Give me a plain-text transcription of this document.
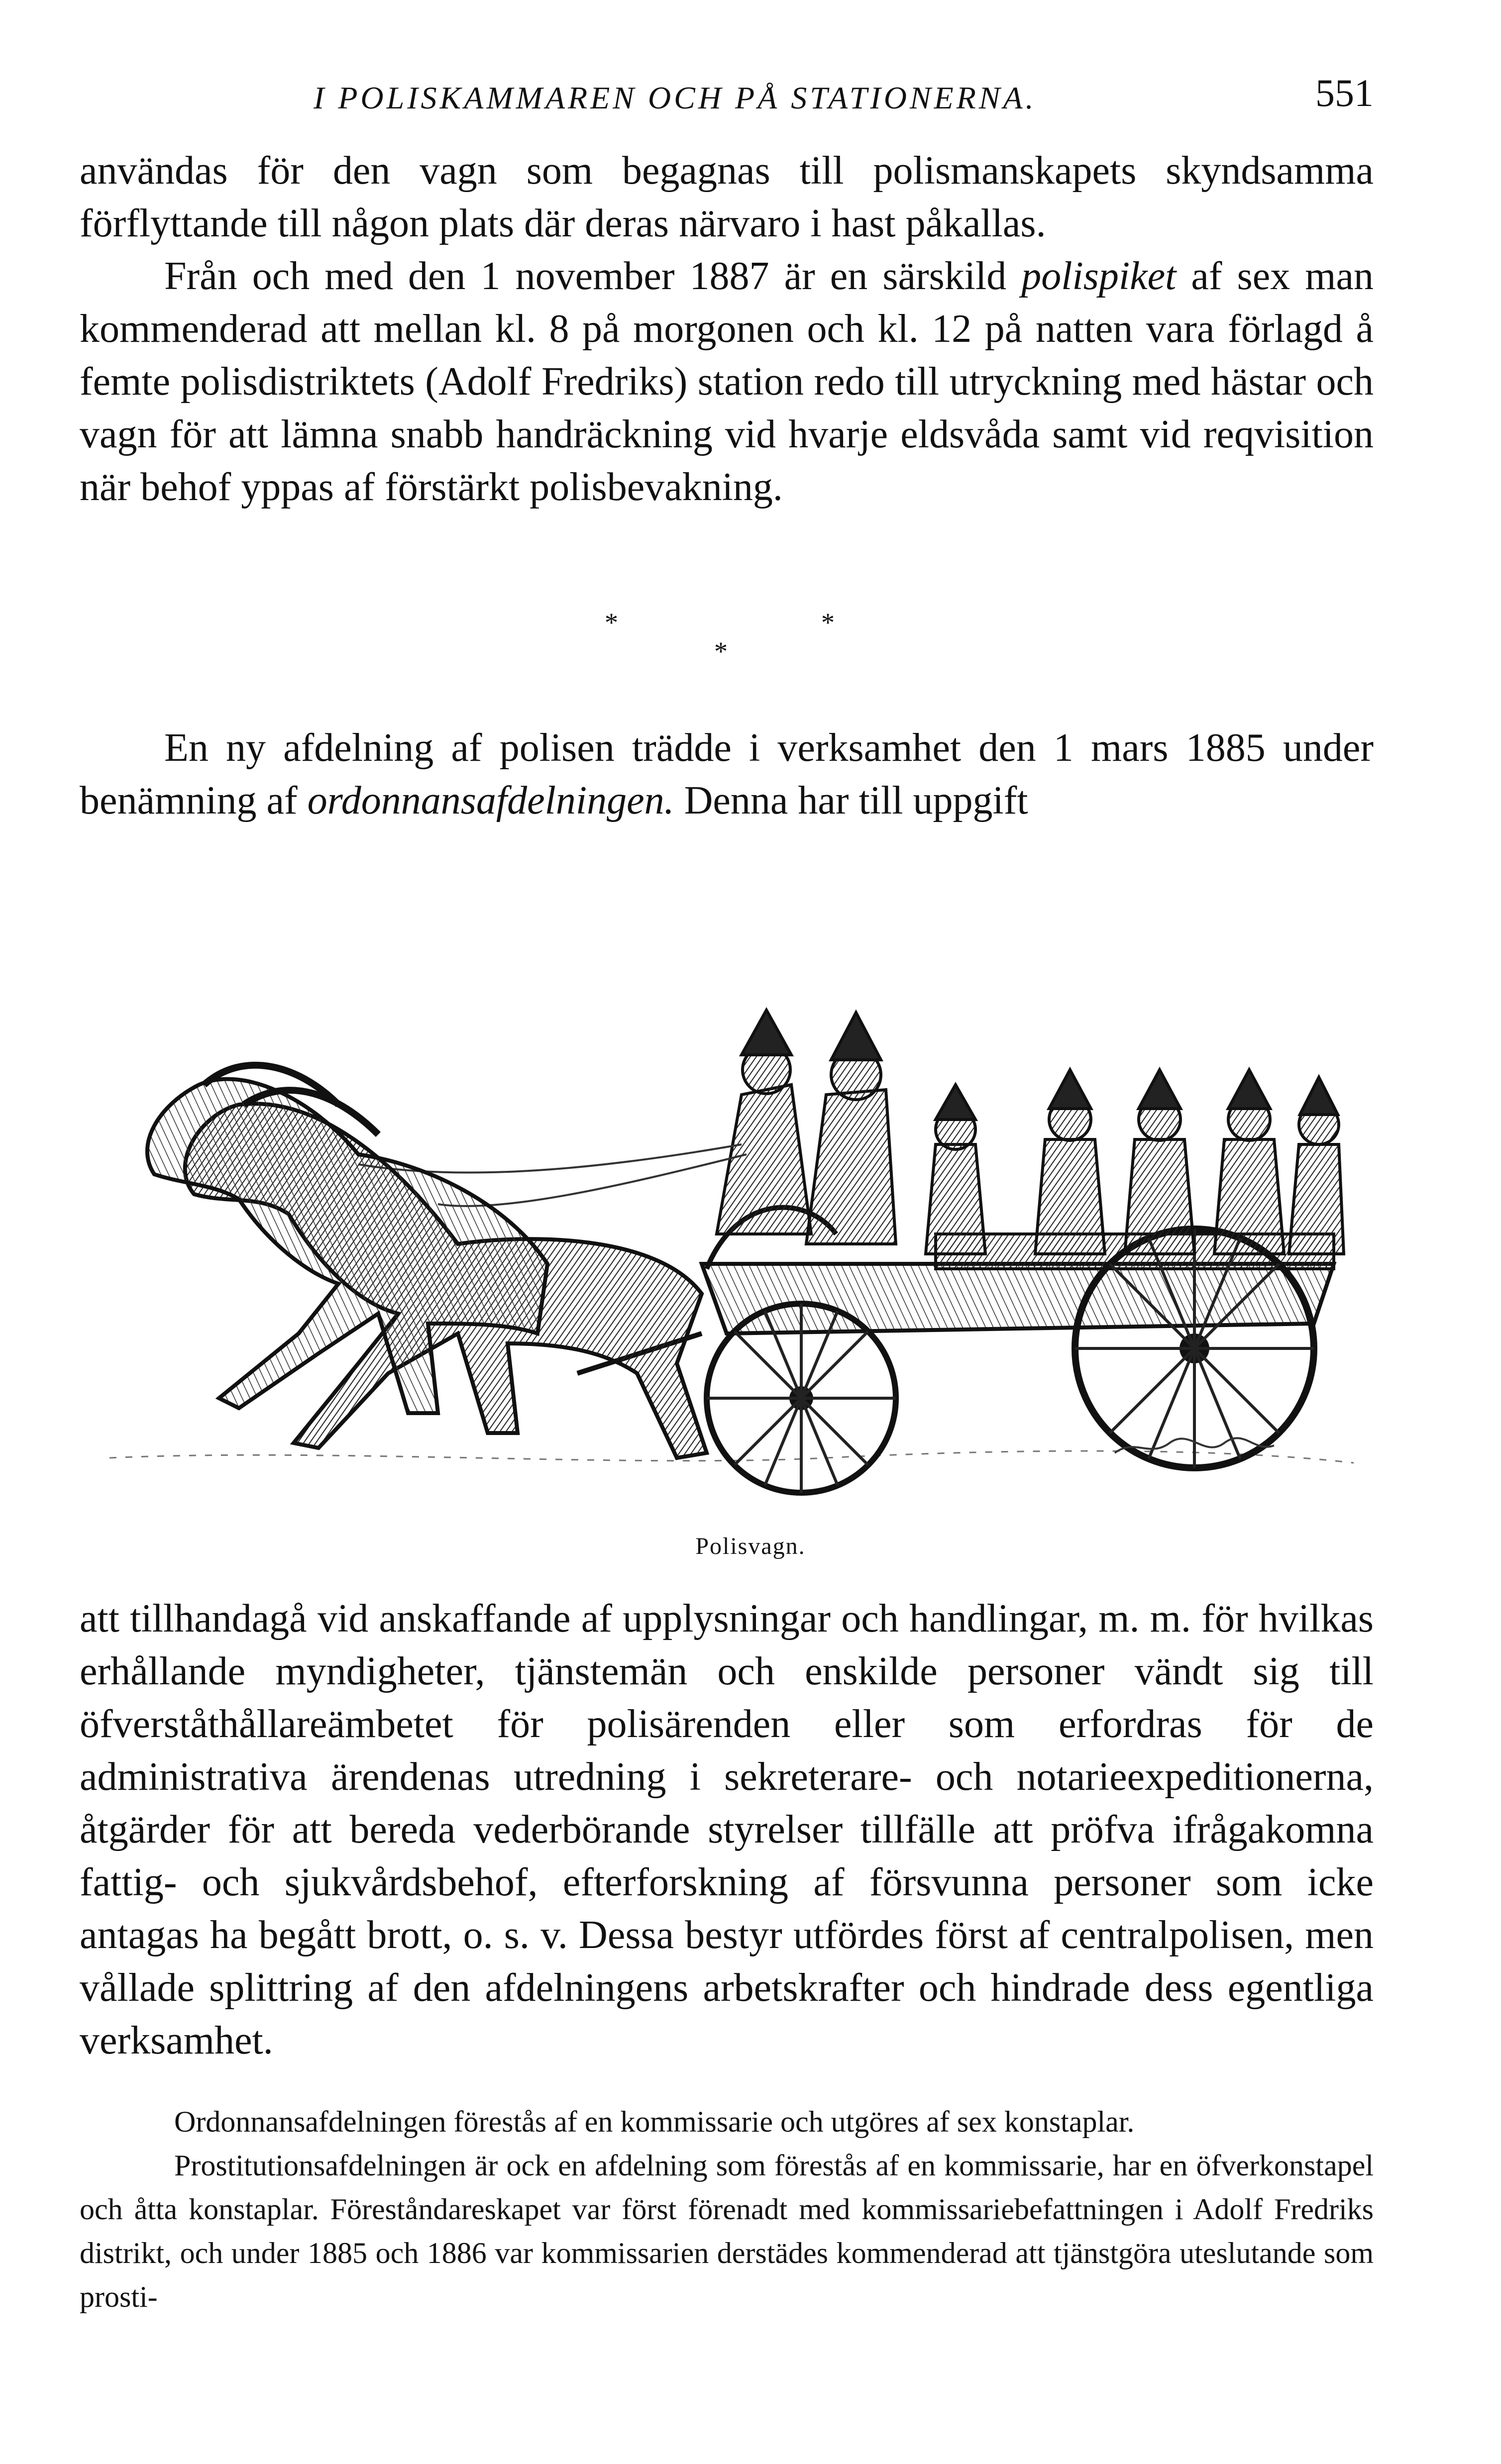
I POLISKAMMAREN OCH PÅ STATIONERNA.	551

användas för den vagn som begagnas till polismanskapets skyndsamma förflyttande till någon plats där deras närvaro i hast påkallas.

Från och med den 1 november 1887 är en särskild polispiket af sex man kommenderad att mellan kl. 8 på morgonen och kl. 12 på natten vara förlagd å femte polisdistriktets (Adolf Fredriks) station redo till utryckning med hästar och vagn för att lämna snabb handräckning vid hvarje eldsvåda samt vid reqvisition när behof yppas af förstärkt polisbevakning.

*	*
*

En ny afdelning af polisen trädde i verksamhet den 1 mars 1885 under benämning af ordonnansafdelningen. Denna har till uppgift

Polisvagn.

att tillhandagå vid anskaffande af upplysningar och handlingar, m. m. för hvilkas erhållande myndigheter, tjänstemän och enskilde personer vändt sig till öfverståthållareämbetet för polisärenden eller som erfordras för de administrativa ärendenas utredning i sekreterare- och notarieexpeditionerna, åtgärder för att bereda vederbörande styrelser tillfälle att pröfva ifrågakomna fattig- och sjukvårdsbehof, efterforskning af försvunna personer som icke antagas ha begått brott, o. s. v. Dessa bestyr utfördes först af centralpolisen, men vållade splittring af den afdelningens arbetskrafter och hindrade dess egentliga verksamhet.

Ordonnansafdelningen förestås af en kommissarie och utgöres af sex konstaplar.

Prostitutionsafdelningen är ock en afdelning som förestås af en kommissarie, har en öfverkonstapel och åtta konstaplar. Föreståndareskapet var först förenadt med kommissariebefattningen i Adolf Fredriks distrikt, och under 1885 och 1886 var kommissarien derstädes kommenderad att tjänstgöra uteslutande som prosti-
